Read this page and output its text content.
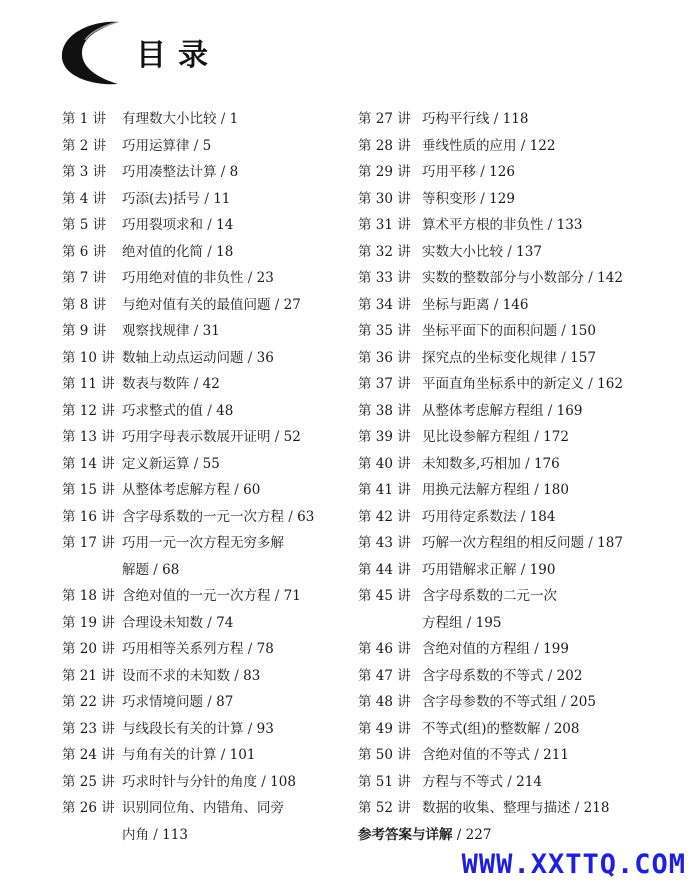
目录
第 1 讲	有理数大小比较 / 1
第 2 讲	巧用运算律 / 5
第 3 讲	巧用凑整法计算 / 8
第 4 讲	巧添(去)括号 / 11
第 5 讲	巧用裂项求和 / 14
第 6 讲	绝对值的化简 / 18
第 7 讲	巧用绝对值的非负性 / 23
第 8 讲	与绝对值有关的最值问题 / 27
第 9 讲	观察找规律 / 31
第 10 讲 数轴上动点运动问题 / 36
第 11 讲 数表与数阵 / 42
第 12 讲 巧求整式的值 / 48
第 13 讲 巧用字母表示数展开证明 / 52
第 14 讲 定义新运算 / 55
第 15 讲 从整体考虑解方程 / 60
第 16 讲 含字母系数的一元一次方程 / 63
第 17 讲 巧用一元一次方程无穷多解
解题 / 68
第 18 讲 含绝对值的一元一次方程 / 71
第 19 讲 合理设未知数 / 74
第 20 讲 巧用相等关系列方程 / 78
第 21 讲 设而不求的未知数 / 83
第 22 讲 巧求情境问题 / 87
第 23 讲 与线段长有关的计算 / 93
第 24 讲 与角有关的计算 / 101
第 25 讲 巧求时针与分针的角度 / 108
第 26 讲 识别同位角、内错角、同旁
内角 / 113
第 27 讲 巧构平行线 / 118
第 28 讲 垂线性质的应用 / 122
第 29 讲 巧用平移 / 126
第 30 讲 等积变形 / 129
第 31 讲 算术平方根的非负性 / 133
第 32 讲 实数大小比较 / 137
第 33 讲 实数的整数部分与小数部分 / 142
第 34 讲 坐标与距离 / 146
第 35 讲 坐标平面下的面积问题 / 150
第 36 讲 探究点的坐标变化规律 / 157
第 37 讲 平面直角坐标系中的新定义 / 162
第 38 讲 从整体考虑解方程组 / 169
第 39 讲 见比设参解方程组 / 172
第 40 讲 未知数多,巧相加 / 176
第 41 讲 用换元法解方程组 / 180
第 42 讲 巧用待定系数法 / 184
第 43 讲 巧解一次方程组的相反问题 / 187
第 44 讲 巧用错解求正解 / 190
第 45 讲 含字母系数的二元一次
方程组 / 195
第 46 讲 含绝对值的方程组 / 199
第 47 讲 含字母系数的不等式 / 202
第 48 讲 含字母参数的不等式组 / 205
第 49 讲 不等式(组)的整数解 / 208
第 50 讲 含绝对值的不等式 / 211
第 51 讲 方程与不等式 / 214
第 52 讲 数据的收集、整理与描述 / 218
参考答案与详解 / 227
WWW.XXTTQ.COM
